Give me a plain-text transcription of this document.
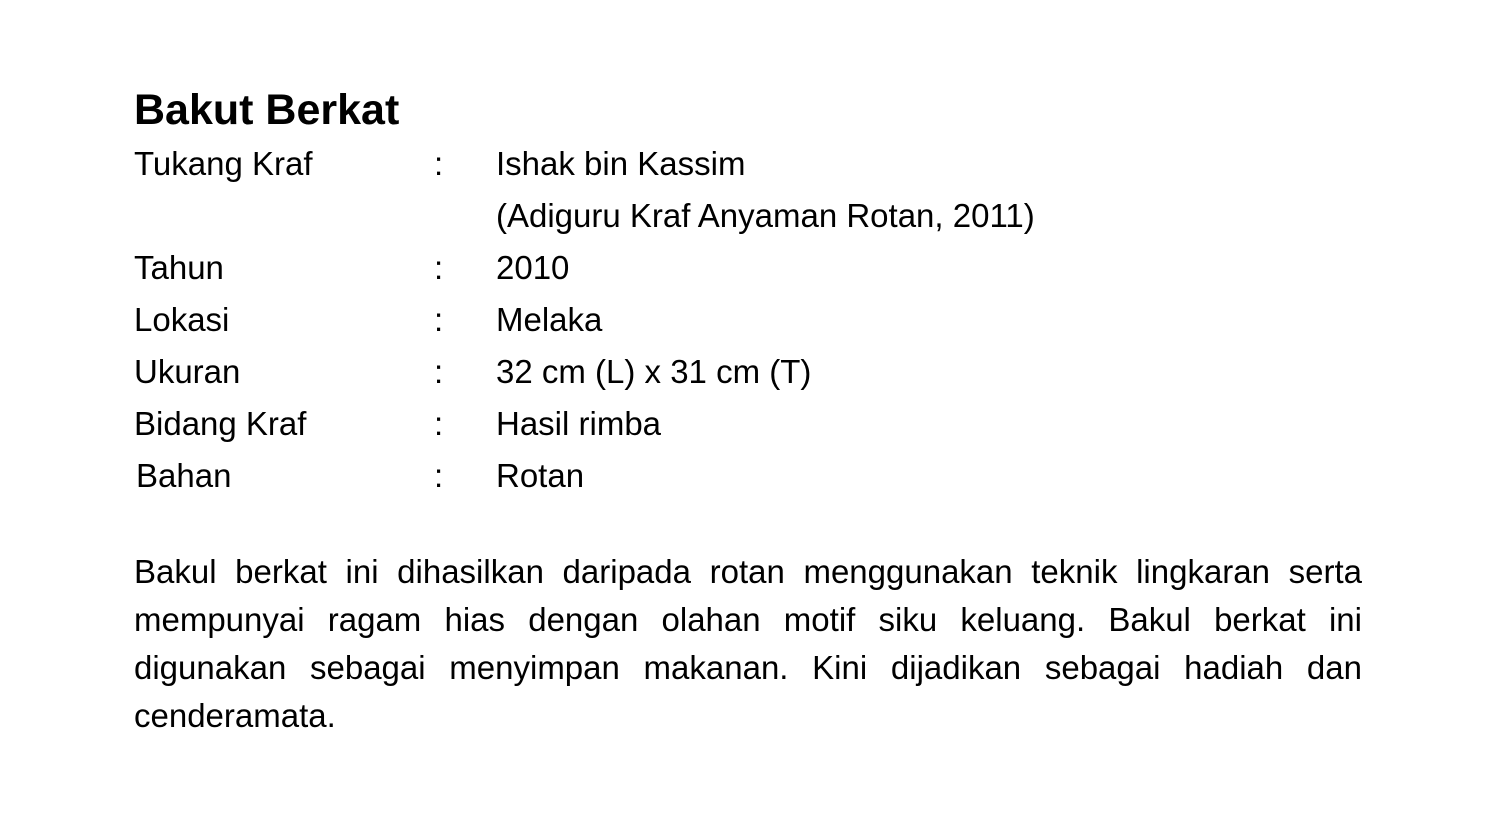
Bakut Berkat
Tukang Kraf	:	Ishak bin Kassim
(Adiguru Kraf Anyaman Rotan, 2011)
Tahun	:	2010
Lokasi	:	Melaka
Ukuran	:	32 cm (L) x 31 cm (T)
Bidang Kraf	:	Hasil rimba
Bahan	:	Rotan

Bakul berkat ini dihasilkan daripada rotan menggunakan teknik lingkaran serta mempunyai ragam hias dengan olahan motif siku keluang. Bakul berkat ini digunakan sebagai menyimpan makanan. Kini dijadikan sebagai hadiah dan cenderamata.
